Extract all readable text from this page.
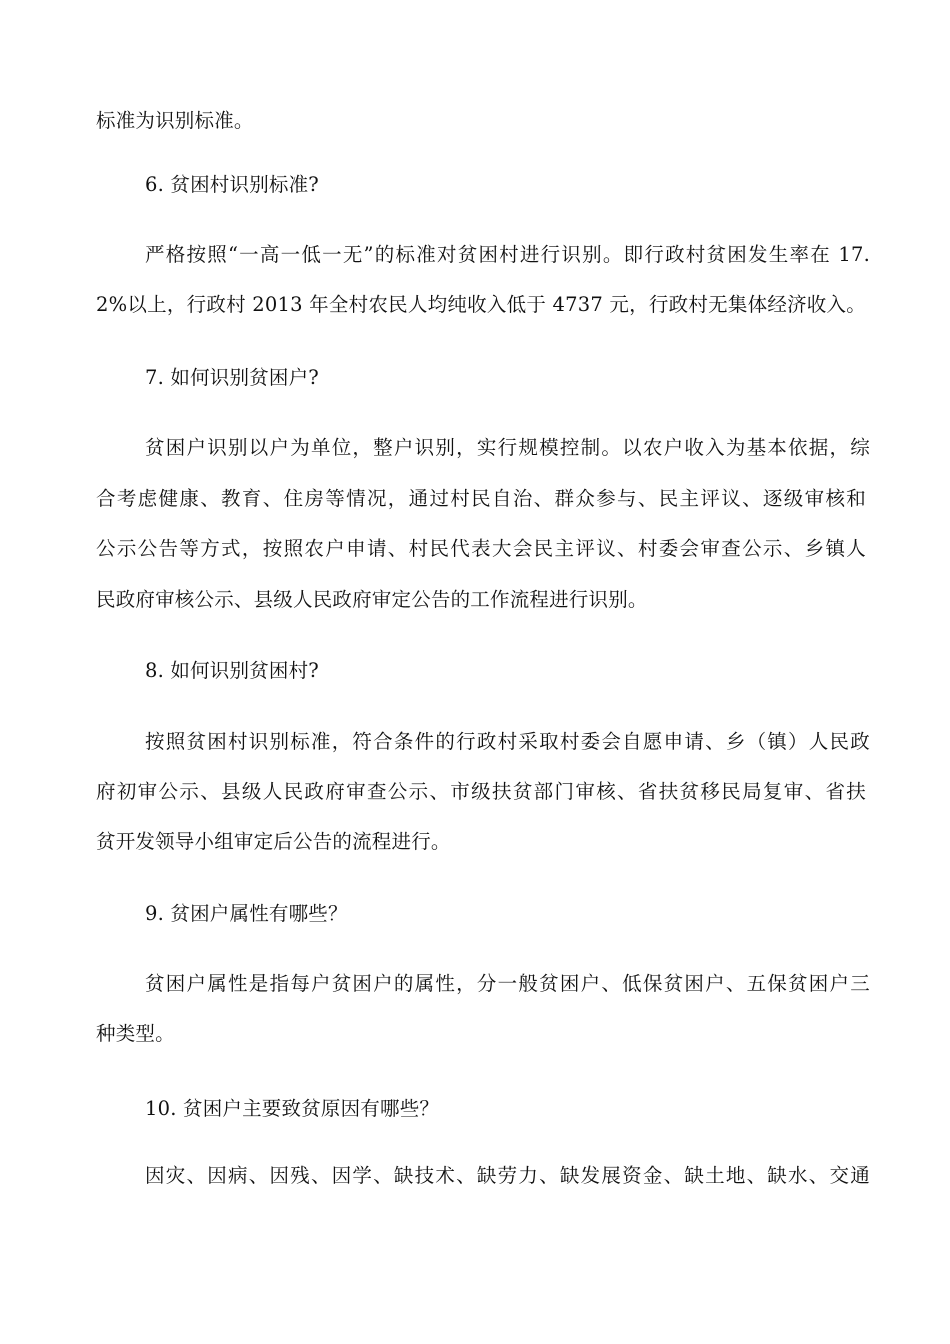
标准为识别标准。
6. 贫困村识别标准?
严格按照“一高一低一无”的标准对贫困村进行识别。即行政村贫困发生率在 17.
2%以上，行政村 2013 年全村农民人均纯收入低于 4737 元，行政村无集体经济收入。
7. 如何识别贫困户?
贫困户识别以户为单位，整户识别，实行规模控制。以农户收入为基本依据，综
合考虑健康、教育、住房等情况，通过村民自治、群众参与、民主评议、逐级审核和
公示公告等方式，按照农户申请、村民代表大会民主评议、村委会审查公示、乡镇人
民政府审核公示、县级人民政府审定公告的工作流程进行识别。
8. 如何识别贫困村?
按照贫困村识别标准，符合条件的行政村采取村委会自愿申请、乡（镇）人民政
府初审公示、县级人民政府审查公示、市级扶贫部门审核、省扶贫移民局复审、省扶
贫开发领导小组审定后公告的流程进行。
9. 贫困户属性有哪些？
贫困户属性是指每户贫困户的属性，分一般贫困户、低保贫困户、五保贫困户三
种类型。
10. 贫困户主要致贫原因有哪些？
因灾、因病、因残、因学、缺技术、缺劳力、缺发展资金、缺土地、缺水、交通
